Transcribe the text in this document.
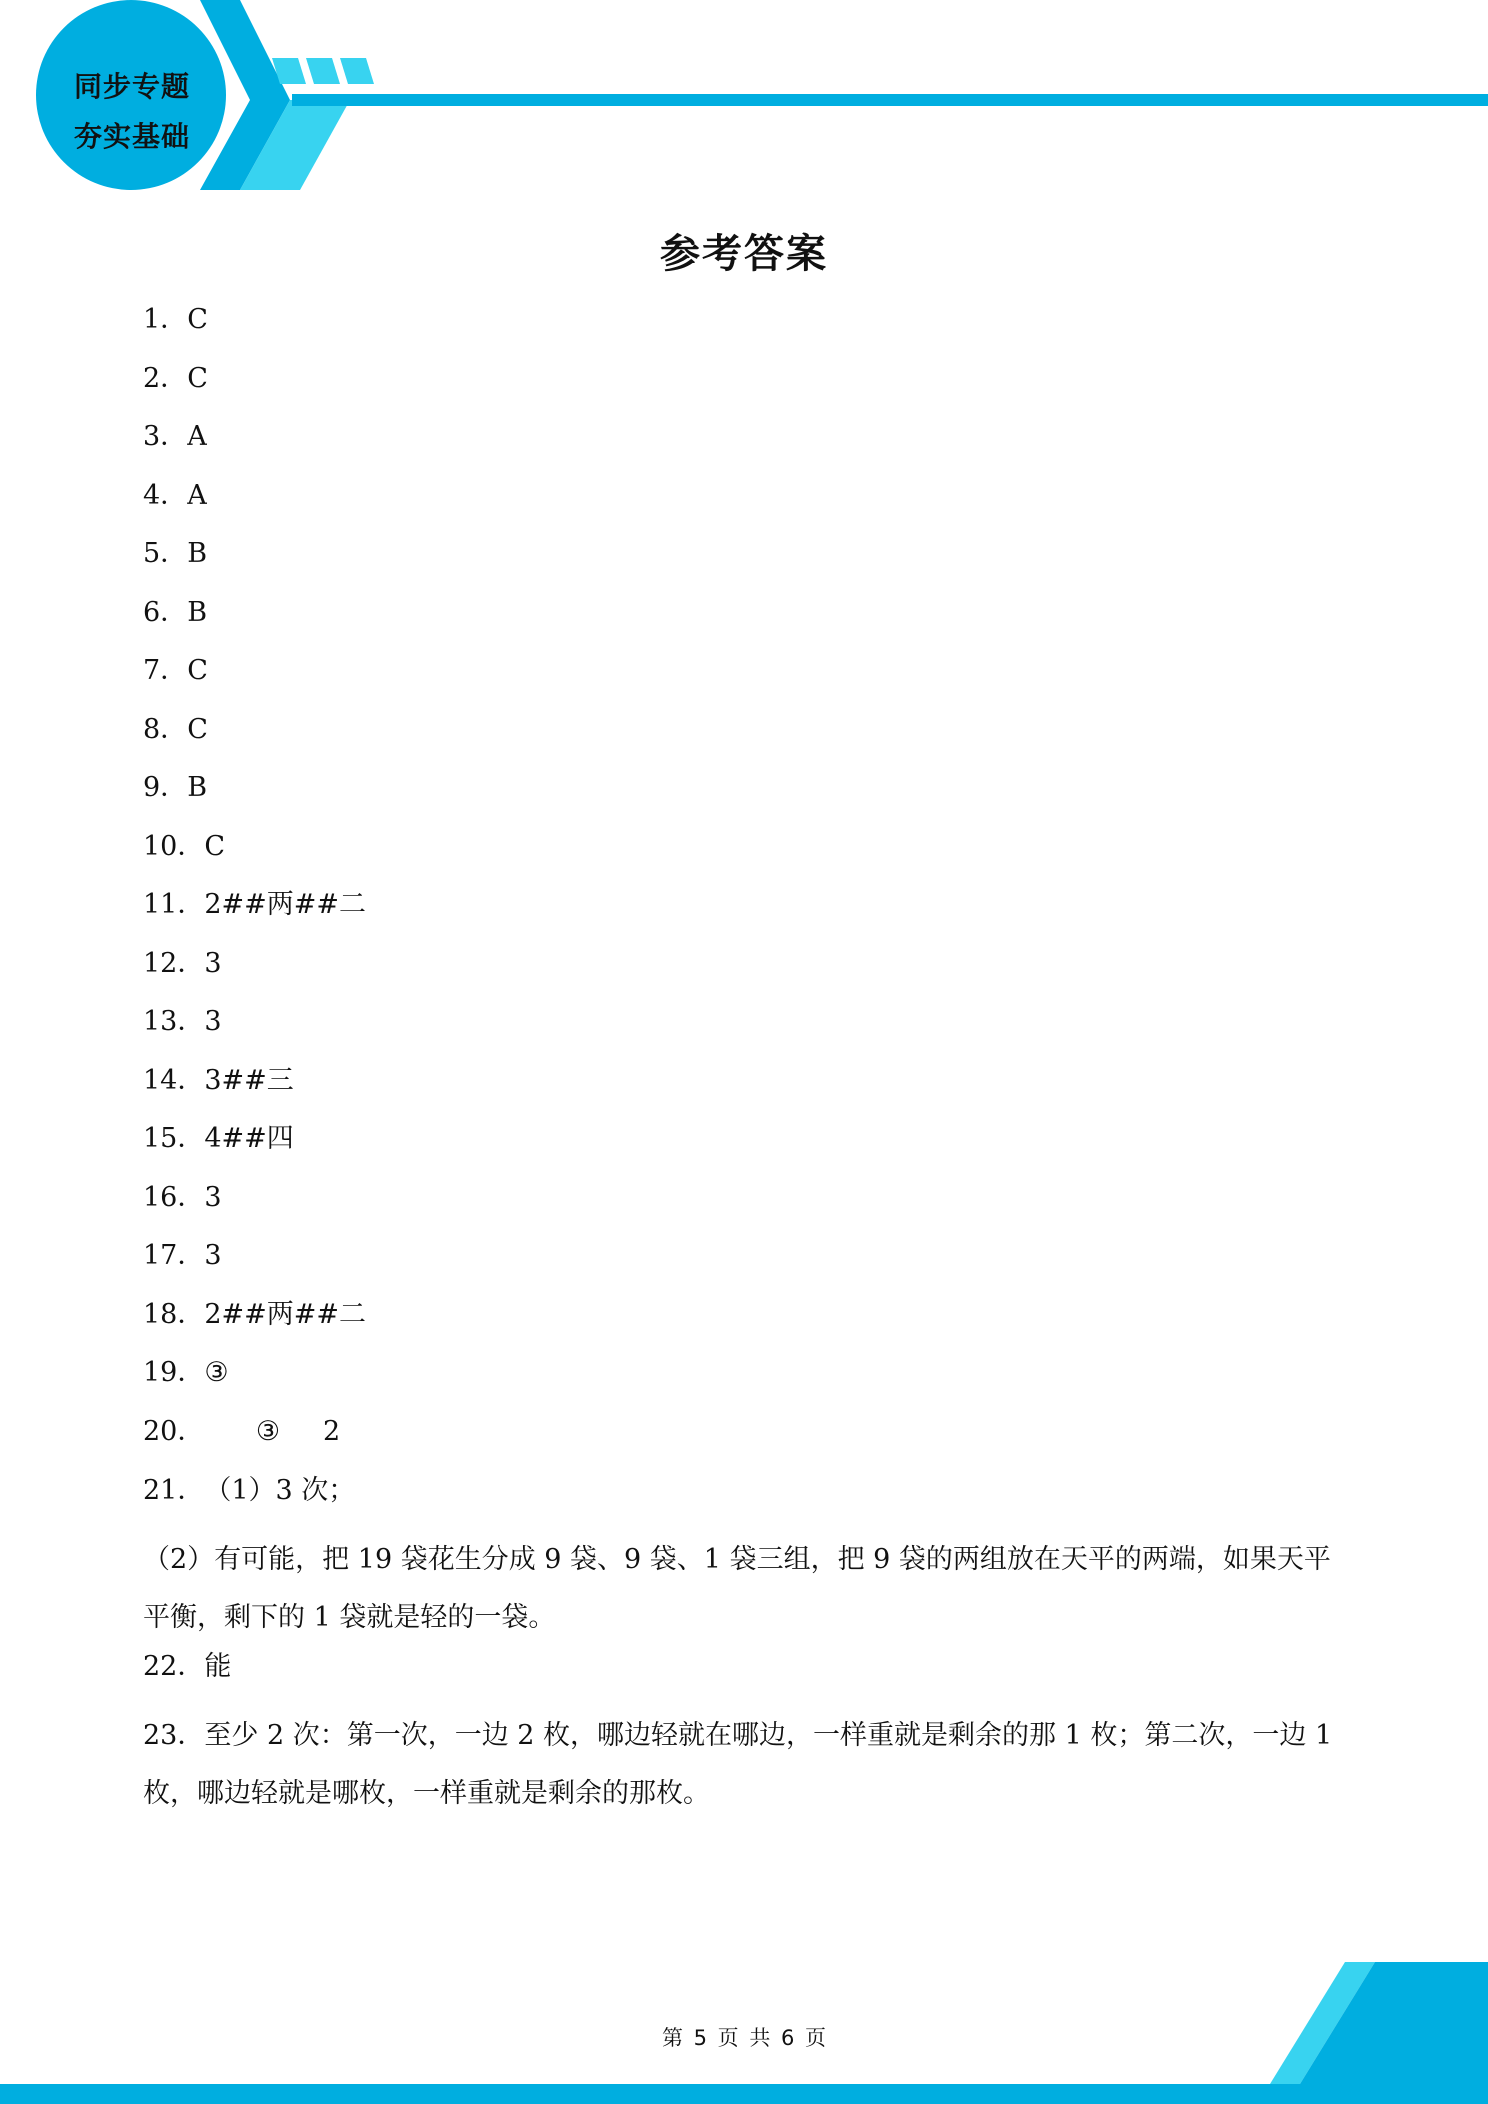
同步专题
夯实基础
参考答案
1．C
2．C
3．A
4．A
5．B
6．B
7．C
8．C
9．B
10．C
11．2##两##二
12．3
13．3
14．3##三
15．4##四
16．3
17．3
18．2##两##二
19．③
20．      ③     2
21．（1）3 次；
（2）有可能，把 19 袋花生分成 9 袋、9 袋、1 袋三组，把 9 袋的两组放在天平的两端，如果天平平衡，剩下的 1 袋就是轻的一袋。
22．能
23．至少 2 次：第一次，一边 2 枚，哪边轻就在哪边，一样重就是剩余的那 1 枚；第二次，一边 1 枚，哪边轻就是哪枚，一样重就是剩余的那枚。
第 5 页 共 6 页
